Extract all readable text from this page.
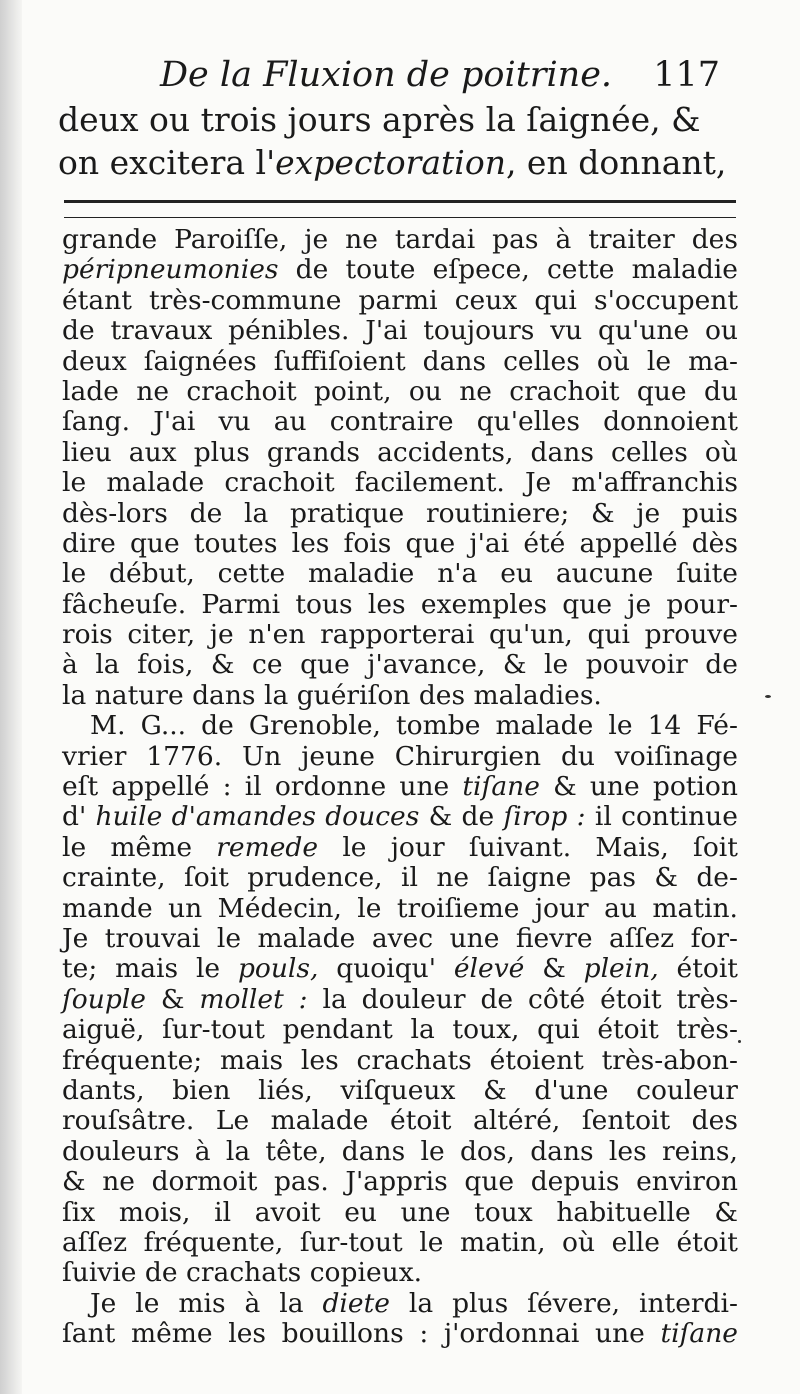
De la Fluxion de poitrine. 117
deux ou trois jours après la ſaignée, &
on excitera l'expectoration, en donnant,
grande Paroiſſe, je ne tardai pas à traiter des
péripneumonies de toute eſpece, cette maladie
étant très-commune parmi ceux qui s'occupent
de travaux pénibles. J'ai toujours vu qu'une ou
deux ſaignées ſuffiſoient dans celles où le ma-
lade ne crachoit point, ou ne crachoit que du
ſang. J'ai vu au contraire qu'elles donnoient
lieu aux plus grands accidents, dans celles où
le malade crachoit facilement. Je m'affranchis
dès-lors de la pratique routiniere; & je puis
dire que toutes les fois que j'ai été appellé dès
le début, cette maladie n'a eu aucune ſuite
fâcheuſe. Parmi tous les exemples que je pour-
rois citer, je n'en rapporterai qu'un, qui prouve
à la fois, & ce que j'avance, & le pouvoir de
la
nature
dans
la
guériſon
des
maladies.
M. G... de Grenoble, tombe malade le 14 Fé-
vrier 1776. Un jeune Chirurgien du voiſinage
eſt appellé : il ordonne une tiſane & une potion
d' huile d'amandes douces & de ſirop : il continue
le même remede le jour ſuivant. Mais, ſoit
crainte, ſoit prudence, il ne ſaigne pas & de-
mande un Médecin, le troiſieme jour au matin.
Je trouvai le malade avec une fievre aſſez for-
te; mais le pouls, quoiqu' élevé & plein, étoit
ſouple & mollet : la douleur de côté étoit très-
aiguë, ſur-tout pendant la toux, qui étoit très-
fréquente; mais les crachats étoient très-abon-
dants, bien liés, viſqueux & d'une couleur
rouſsâtre. Le malade étoit altéré, ſentoit des
douleurs à la tête, dans le dos, dans les reins,
& ne dormoit pas. J'appris que depuis environ
ſix mois, il avoit eu une toux habituelle &
aſſez fréquente, ſur-tout le matin, où elle étoit
ſuivie
de
crachats
copieux.
Je le mis à la diete la plus ſévere, interdi-
ſant même les bouillons : j'ordonnai une tiſane
